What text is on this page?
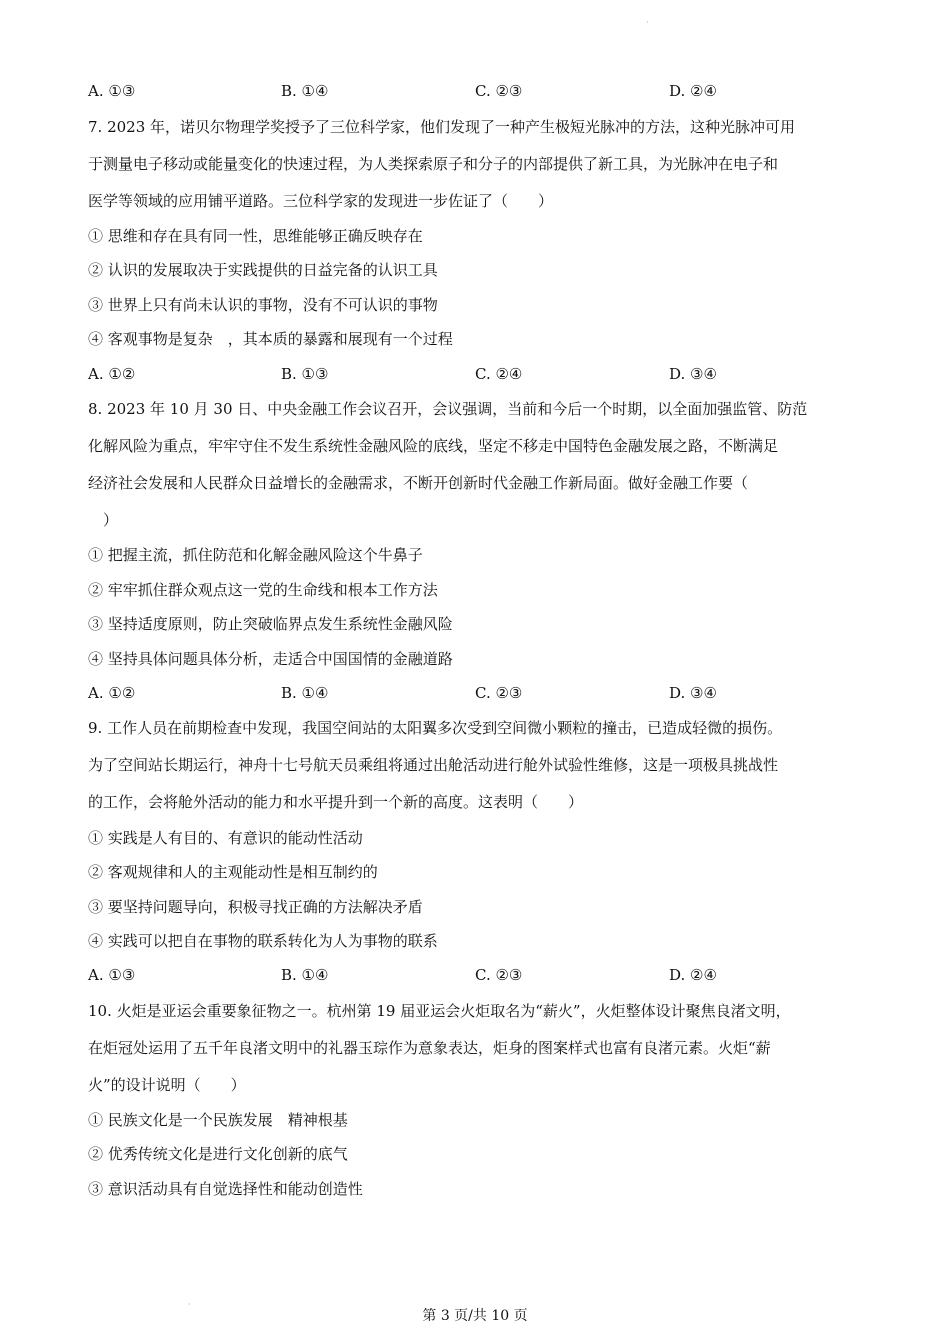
·
A. ①③	B. ①④	C. ②③	D. ②④
7. 2023 年，诺贝尔物理学奖授予了三位科学家，他们发现了一种产生极短光脉冲的方法，这种光脉冲可用
于测量电子移动或能量变化的快速过程，为人类探索原子和分子的内部提供了新工具，为光脉冲在电子和
医学等领域的应用铺平道路。三位科学家的发现进一步佐证了（　　）
① 思维和存在具有同一性，思维能够正确反映存在
② 认识的发展取决于实践提供的日益完备的认识工具
③ 世界上只有尚未认识的事物，没有不可认识的事物
④ 客观事物是复杂　，其本质的暴露和展现有一个过程
A. ①②	B. ①③	C. ②④	D. ③④
8. 2023 年 10 月 30 日、中央金融工作会议召开，会议强调，当前和今后一个时期，以全面加强监管、防范
化解风险为重点，牢牢守住不发生系统性金融风险的底线，坚定不移走中国特色金融发展之路，不断满足
经济社会发展和人民群众日益增长的金融需求，不断开创新时代金融工作新局面。做好金融工作要（
　）
① 把握主流，抓住防范和化解金融风险这个牛鼻子
② 牢牢抓住群众观点这一党的生命线和根本工作方法
③ 坚持适度原则，防止突破临界点发生系统性金融风险
④ 坚持具体问题具体分析，走适合中国国情的金融道路
A. ①②	B. ①④	C. ②③	D. ③④
9. 工作人员在前期检查中发现，我国空间站的太阳翼多次受到空间微小颗粒的撞击，已造成轻微的损伤。
为了空间站长期运行，神舟十七号航天员乘组将通过出舱活动进行舱外试验性维修，这是一项极具挑战性
的工作，会将舱外活动的能力和水平提升到一个新的高度。这表明（　　）
① 实践是人有目的、有意识的能动性活动
② 客观规律和人的主观能动性是相互制约的
③ 要坚持问题导向，积极寻找正确的方法解决矛盾
④ 实践可以把自在事物的联系转化为人为事物的联系
A. ①③	B. ①④	C. ②③	D. ②④
10. 火炬是亚运会重要象征物之一。杭州第 19 届亚运会火炬取名为“薪火”，火炬整体设计聚焦良渚文明，
在炬冠处运用了五千年良渚文明中的礼器玉琮作为意象表达，炬身的图案样式也富有良渚元素。火炬“薪
火”的设计说明（　　）
① 民族文化是一个民族发展　精神根基
② 优秀传统文化是进行文化创新的底气
③ 意识活动具有自觉选择性和能动创造性
·
第 3 页/共 10 页
